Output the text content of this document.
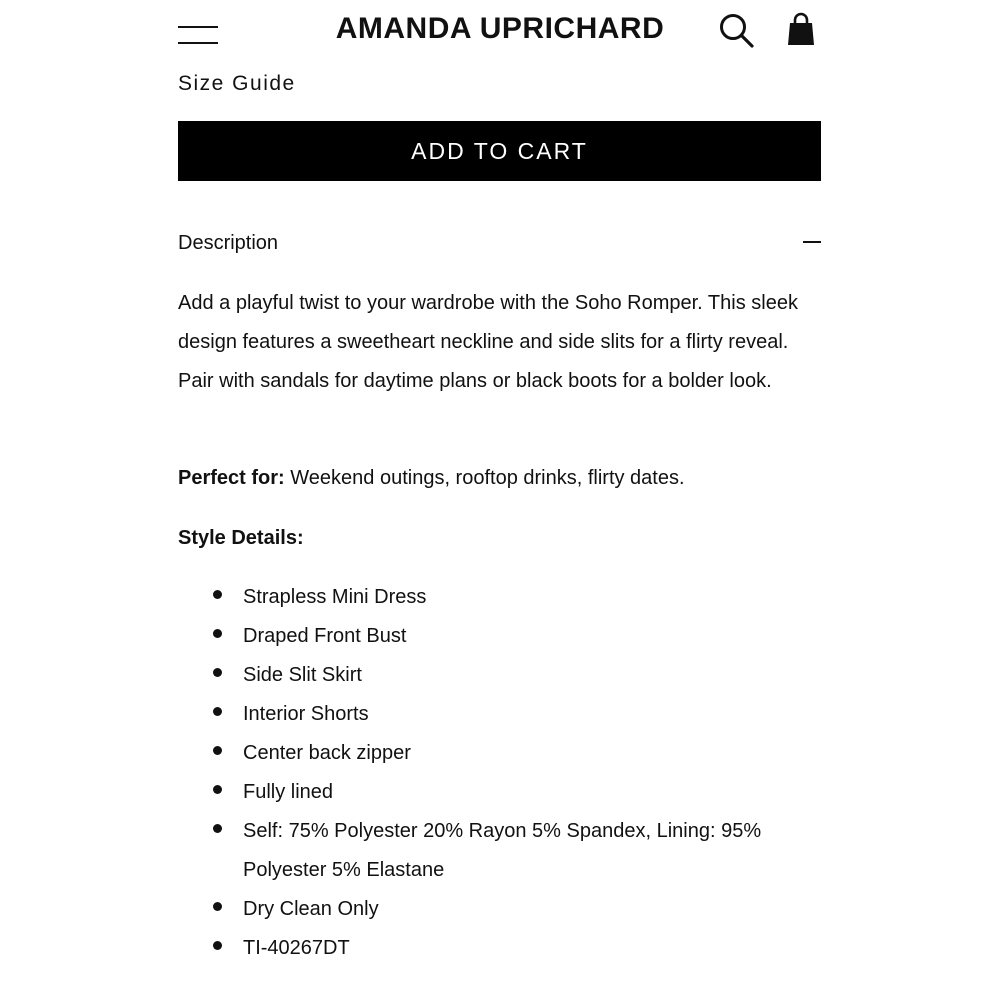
AMANDA UPRICHARD
Size Guide
ADD TO CART
Description

Add a playful twist to your wardrobe with the Soho Romper. This sleek design features a sweetheart neckline and side slits for a flirty reveal. Pair with sandals for daytime plans or black boots for a bolder look.

Perfect for: Weekend outings, rooftop drinks, flirty dates.

Style Details:
Strapless Mini Dress
Draped Front Bust
Side Slit Skirt
Interior Shorts
Center back zipper
Fully lined
Self: 75% Polyester 20% Rayon 5% Spandex, Lining: 95% Polyester 5% Elastane
Dry Clean Only
TI-40267DT
